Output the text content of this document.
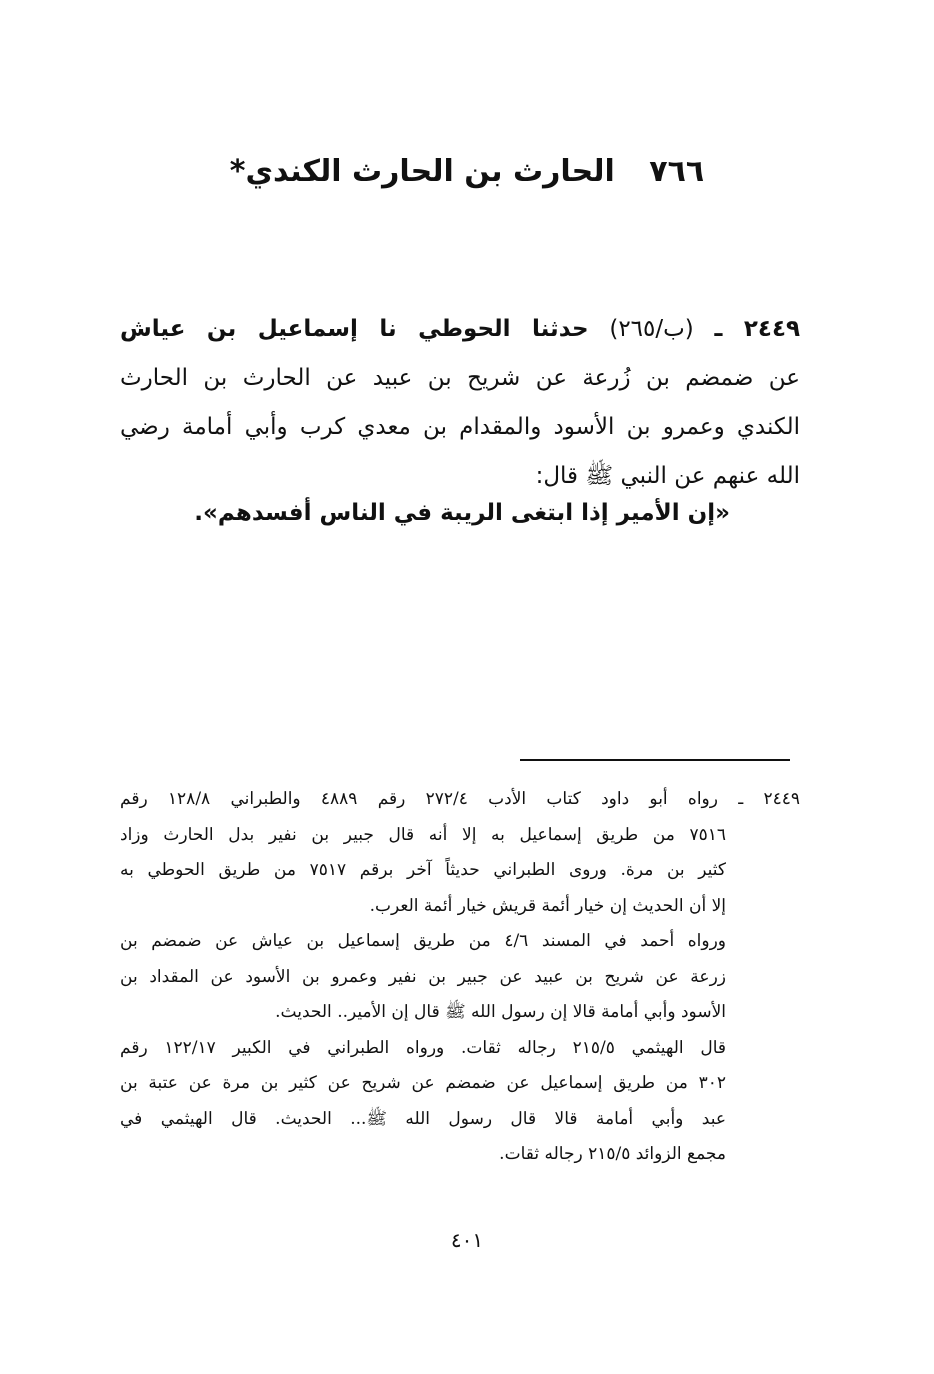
٧٦٦ الحارث بن الحارث الكندي*
٢٤٤٩ ـ (ب/٢٦٥) حدثنا الحوطي نا إسماعيل بن عياش
عن ضمضم بن زُرعة عن شريح بن عبيد عن الحارث بن الحارث
الكندي وعمرو بن الأسود والمقدام بن معدي كرب وأبي أمامة رضي
الله عنهم عن النبي ﷺ قال:
«إن الأمير إذا ابتغى الريبة في الناس أفسدهم».
٢٤٤٩ ـ رواه أبو داود كتاب الأدب ٢٧٢/٤ رقم ٤٨٨٩ والطبراني ١٢٨/٨ رقم
٧٥١٦ من طريق إسماعيل به إلا أنه قال جبير بن نفير بدل الحارث وزاد
كثير بن مرة. وروى الطبراني حديثاً آخر برقم ٧٥١٧ من طريق الحوطي به
إلا أن الحديث إن خيار أئمة قريش خيار أئمة العرب.
ورواه أحمد في المسند ٤/٦ من طريق إسماعيل بن عياش عن ضمضم بن
زرعة عن شريح بن عبيد عن جبير بن نفير وعمرو بن الأسود عن المقداد بن
الأسود وأبي أمامة قالا إن رسول الله ﷺ قال إن الأمير.. الحديث.
قال الهيثمي ٢١٥/٥ رجاله ثقات. ورواه الطبراني في الكبير ١٢٢/١٧ رقم
٣٠٢ من طريق إسماعيل عن ضمضم عن شريح عن كثير بن مرة عن عتبة بن
عبد وأبي أمامة قالا قال رسول الله ﷺ... الحديث. قال الهيثمي في
مجمع الزوائد ٢١٥/٥ رجاله ثقات.
٤٠١
